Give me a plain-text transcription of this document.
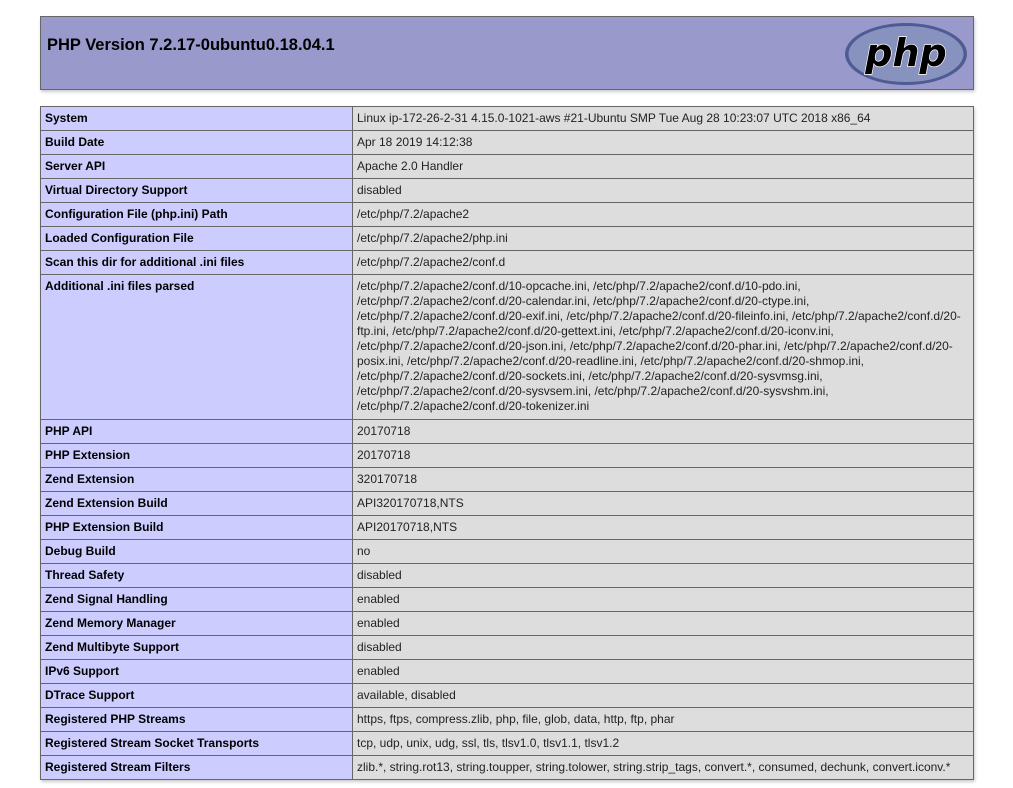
PHP Version 7.2.17-0ubuntu0.18.04.1	php
System	Linux ip-172-26-2-31 4.15.0-1021-aws #21-Ubuntu SMP Tue Aug 28 10:23:07 UTC 2018 x86_64
Build Date	Apr 18 2019 14:12:38
Server API	Apache 2.0 Handler
Virtual Directory Support	disabled
Configuration File (php.ini) Path	/etc/php/7.2/apache2
Loaded Configuration File	/etc/php/7.2/apache2/php.ini
Scan this dir for additional .ini files	/etc/php/7.2/apache2/conf.d
Additional .ini files parsed	/etc/php/7.2/apache2/conf.d/10-opcache.ini, /etc/php/7.2/apache2/conf.d/10-pdo.ini, /etc/php/7.2/apache2/conf.d/20-calendar.ini, /etc/php/7.2/apache2/conf.d/20-ctype.ini, /etc/php/7.2/apache2/conf.d/20-exif.ini, /etc/php/7.2/apache2/conf.d/20-fileinfo.ini, /etc/php/7.2/apache2/conf.d/20-ftp.ini, /etc/php/7.2/apache2/conf.d/20-gettext.ini, /etc/php/7.2/apache2/conf.d/20-iconv.ini, /etc/php/7.2/apache2/conf.d/20-json.ini, /etc/php/7.2/apache2/conf.d/20-phar.ini, /etc/php/7.2/apache2/conf.d/20-posix.ini, /etc/php/7.2/apache2/conf.d/20-readline.ini, /etc/php/7.2/apache2/conf.d/20-shmop.ini, /etc/php/7.2/apache2/conf.d/20-sockets.ini, /etc/php/7.2/apache2/conf.d/20-sysvmsg.ini, /etc/php/7.2/apache2/conf.d/20-sysvsem.ini, /etc/php/7.2/apache2/conf.d/20-sysvshm.ini, /etc/php/7.2/apache2/conf.d/20-tokenizer.ini
PHP API	20170718
PHP Extension	20170718
Zend Extension	320170718
Zend Extension Build	API320170718,NTS
PHP Extension Build	API20170718,NTS
Debug Build	no
Thread Safety	disabled
Zend Signal Handling	enabled
Zend Memory Manager	enabled
Zend Multibyte Support	disabled
IPv6 Support	enabled
DTrace Support	available, disabled
Registered PHP Streams	https, ftps, compress.zlib, php, file, glob, data, http, ftp, phar
Registered Stream Socket Transports	tcp, udp, unix, udg, ssl, tls, tlsv1.0, tlsv1.1, tlsv1.2
Registered Stream Filters	zlib.*, string.rot13, string.toupper, string.tolower, string.strip_tags, convert.*, consumed, dechunk, convert.iconv.*
